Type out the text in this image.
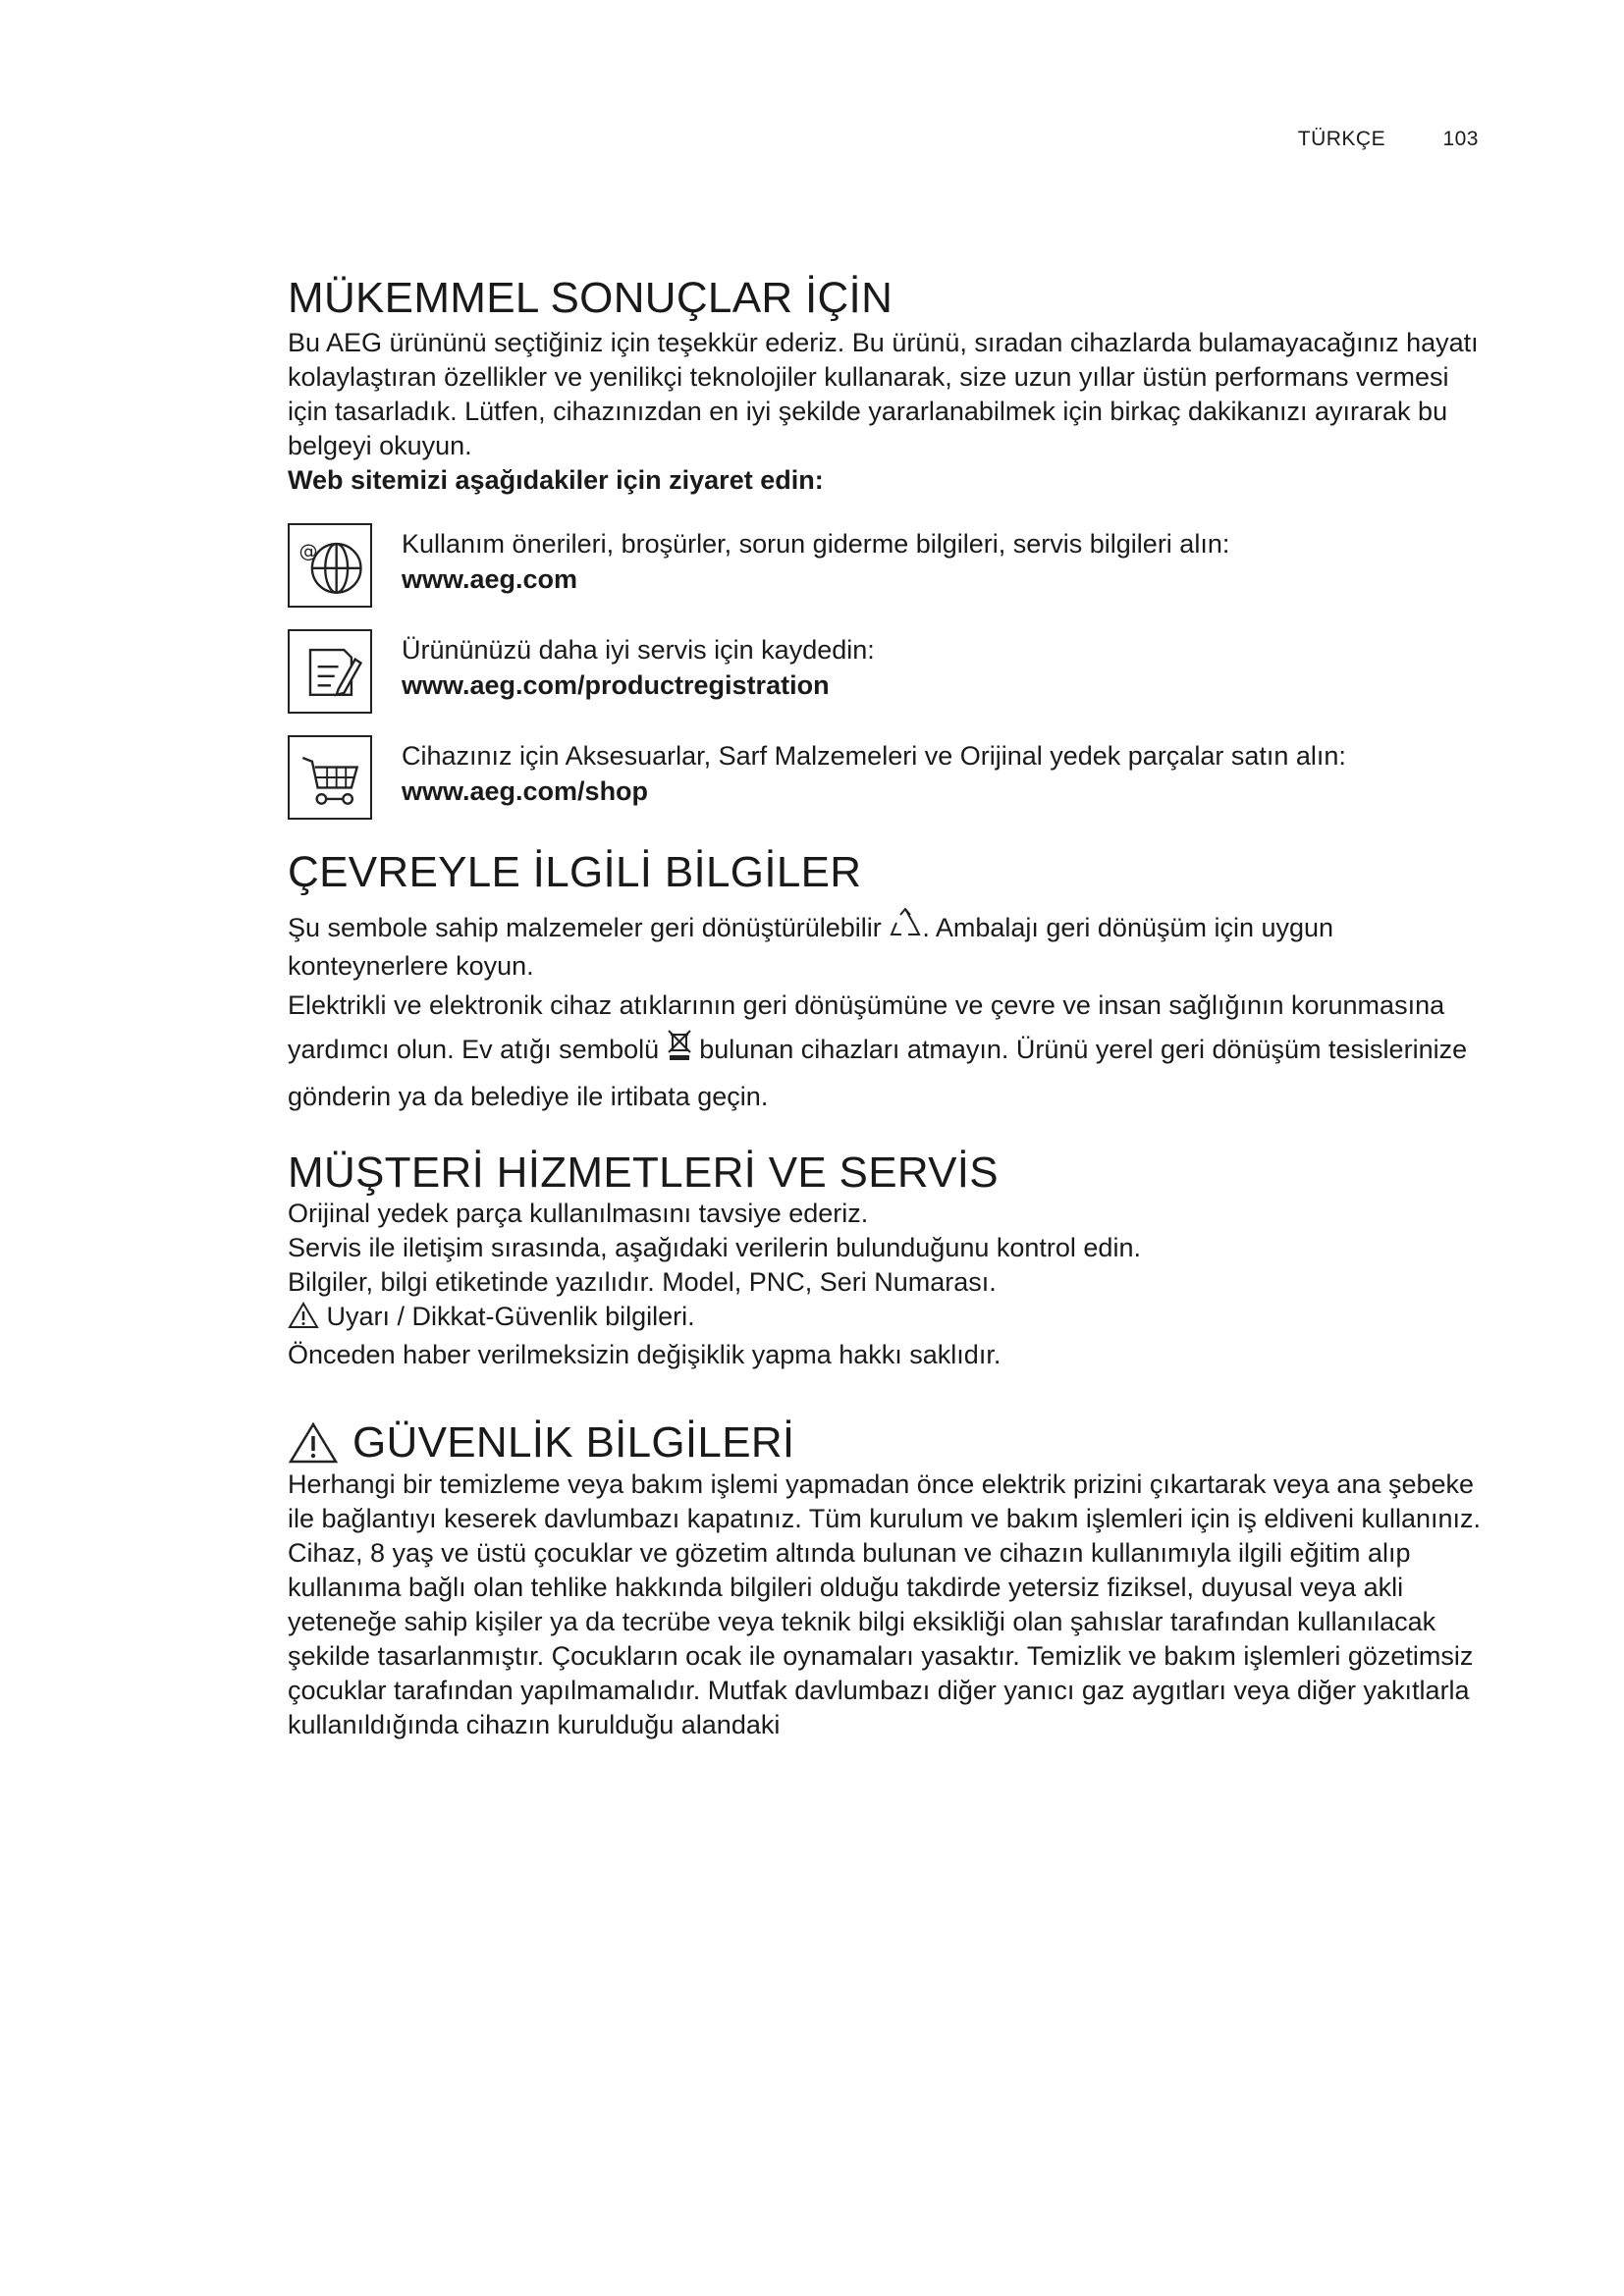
TÜRKÇE	103
MÜKEMMEL SONUÇLAR İÇİN

Bu AEG ürününü seçtiğiniz için teşekkür ederiz. Bu ürünü, sıradan cihazlarda bulamayacağınız hayatı kolaylaştıran özellikler ve yenilikçi teknolojiler kullanarak, size uzun yıllar üstün performans vermesi için tasarladık. Lütfen, cihazınızdan en iyi şekilde yararlanabilmek için birkaç dakikanızı ayırarak bu belgeyi okuyun.

Web sitemizi aşağıdakiler için ziyaret edin:

@	Kullanım önerileri, broşürler, sorun giderme bilgileri, servis bilgileri alın:
www.aeg.com
Ürününüzü daha iyi servis için kaydedin:
www.aeg.com/productregistration
Cihazınız için Aksesuarlar, Sarf Malzemeleri ve Orijinal yedek parçalar satın alın:
www.aeg.com/shop
ÇEVREYLE İLGİLİ BİLGİLER

Şu sembole sahip malzemeler geri dönüştürülebilir . Ambalajı geri dönüşüm için uygun konteynerlere koyun.

Elektrikli ve elektronik cihaz atıklarının geri dönüşümüne ve çevre ve insan sağlığının korunmasına yardımcı olun. Ev atığı sembolü bulunan cihazları atmayın. Ürünü yerel geri dönüşüm tesislerinize gönderin ya da belediye ile irtibata geçin.

MÜŞTERİ HİZMETLERİ VE SERVİS

Orijinal yedek parça kullanılmasını tavsiye ederiz.

Servis ile iletişim sırasında, aşağıdaki verilerin bulunduğunu kontrol edin.

Bilgiler, bilgi etiketinde yazılıdır. Model, PNC, Seri Numarası.

Uyarı / Dikkat-Güvenlik bilgileri.

Önceden haber verilmeksizin değişiklik yapma hakkı saklıdır.

GÜVENLİK BİLGİLERİ

Herhangi bir temizleme veya bakım işlemi yapmadan önce elektrik prizini çıkartarak veya ana şebeke ile bağlantıyı keserek davlumbazı kapatınız. Tüm kurulum ve bakım işlemleri için iş eldiveni kullanınız. Cihaz, 8 yaş ve üstü çocuklar ve gözetim altında bulunan ve cihazın kullanımıyla ilgili eğitim alıp kullanıma bağlı olan tehlike hakkında bilgileri olduğu takdirde yetersiz fiziksel, duyusal veya akli yeteneğe sahip kişiler ya da tecrübe veya teknik bilgi eksikliği olan şahıslar tarafından kullanılacak şekilde tasarlanmıştır. Çocukların ocak ile oynamaları yasaktır. Temizlik ve bakım işlemleri gözetimsiz çocuklar tarafından yapılmamalıdır. Mutfak davlumbazı diğer yanıcı gaz aygıtları veya diğer yakıtlarla kullanıldığında cihazın kurulduğu alandaki
